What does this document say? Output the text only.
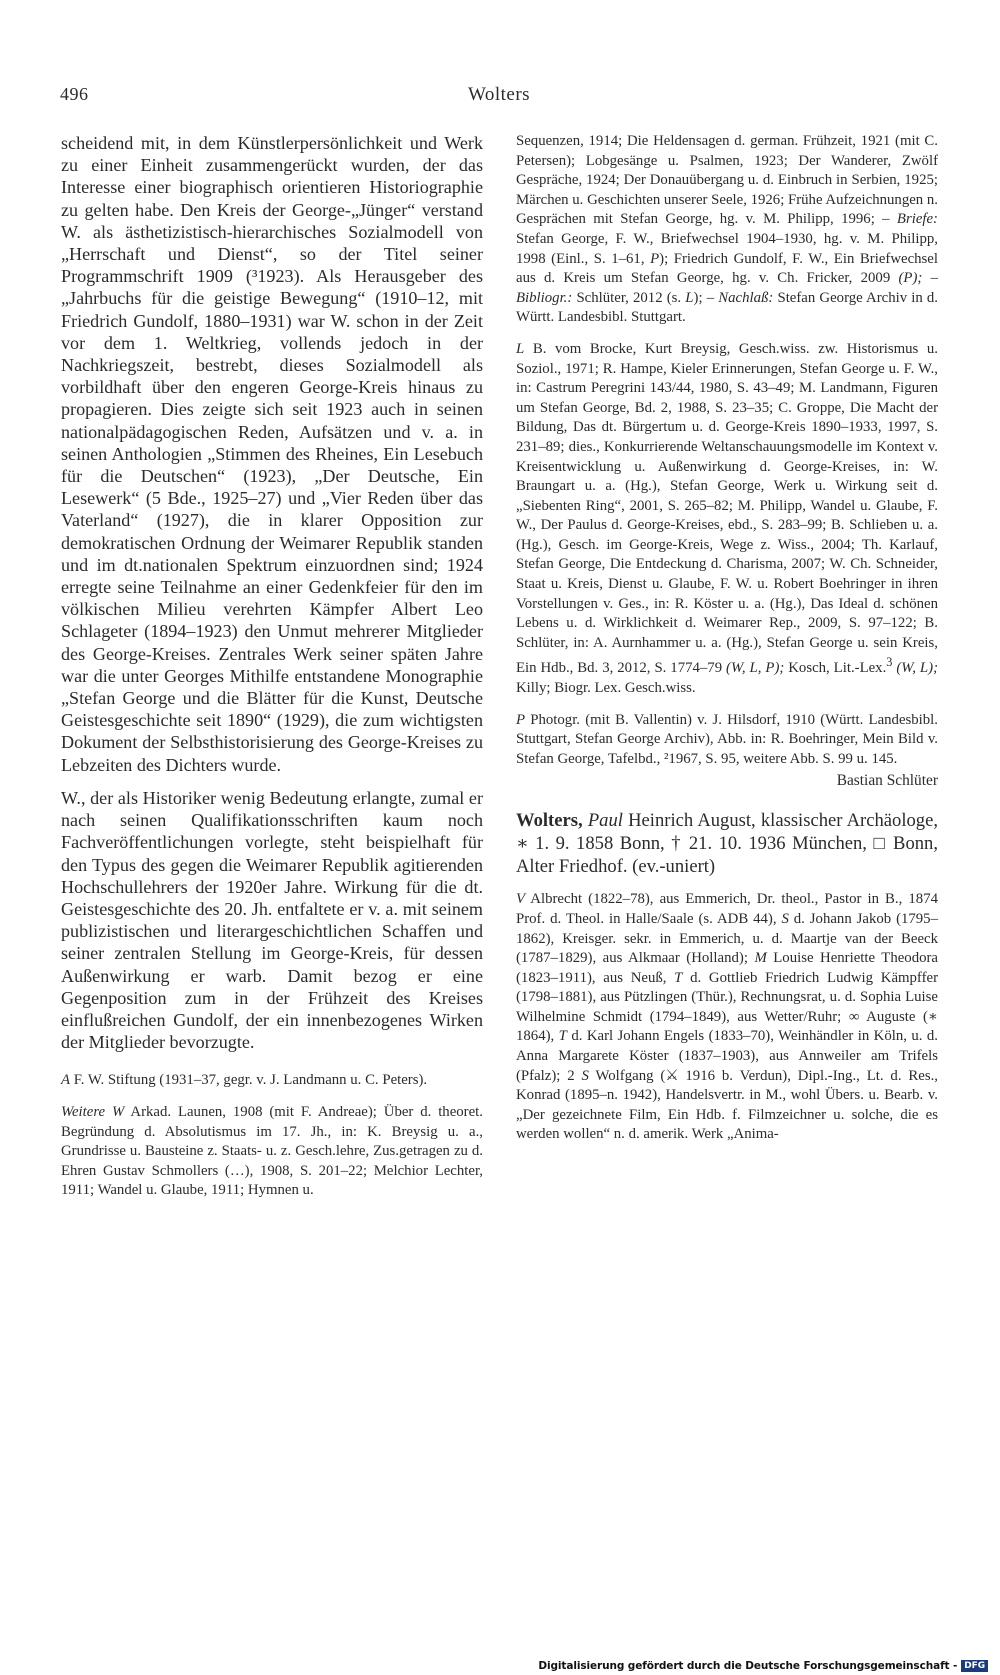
496	Wolters

scheidend mit, in dem Künstlerpersönlichkeit und Werk zu einer Einheit zusammengerückt wurden, der das Interesse einer biographisch orientieren Historiographie zu gelten habe. Den Kreis der George-„Jünger“ verstand W. als ästhetizistisch-hierarchisches Sozialmodell von „Herrschaft und Dienst“, so der Titel seiner Programmschrift 1909 (³1923). Als Herausgeber des „Jahrbuchs für die geistige Bewegung“ (1910–12, mit Friedrich Gundolf, 1880–1931) war W. schon in der Zeit vor dem 1. Weltkrieg, vollends jedoch in der Nachkriegszeit, bestrebt, dieses Sozialmodell als vorbildhaft über den engeren George-Kreis hinaus zu propagieren. Dies zeigte sich seit 1923 auch in seinen nationalpädagogischen Reden, Aufsätzen und v. a. in seinen Anthologien „Stimmen des Rheines, Ein Lesebuch für die Deutschen“ (1923), „Der Deutsche, Ein Lesewerk“ (5 Bde., 1925–27) und „Vier Reden über das Vaterland“ (1927), die in klarer Opposition zur demokratischen Ordnung der Weimarer Republik standen und im dt.nationalen Spektrum einzuordnen sind; 1924 erregte seine Teilnahme an einer Gedenkfeier für den im völkischen Milieu verehrten Kämpfer Albert Leo Schlageter (1894–1923) den Unmut mehrerer Mitglieder des George-Kreises. Zentrales Werk seiner späten Jahre war die unter Georges Mithilfe entstandene Monographie „Stefan George und die Blätter für die Kunst, Deutsche Geistesgeschichte seit 1890“ (1929), die zum wichtigsten Dokument der Selbsthistorisierung des George-Kreises zu Lebzeiten des Dichters wurde.

W., der als Historiker wenig Bedeutung erlangte, zumal er nach seinen Qualifikationsschriften kaum noch Fachveröffentlichungen vorlegte, steht beispielhaft für den Typus des gegen die Weimarer Republik agitierenden Hochschullehrers der 1920er Jahre. Wirkung für die dt. Geistesgeschichte des 20. Jh. entfaltete er v. a. mit seinem publizistischen und literargeschichtlichen Schaffen und seiner zentralen Stellung im George-Kreis, für dessen Außenwirkung er warb. Damit bezog er eine Gegenposition zum in der Frühzeit des Kreises einflußreichen Gundolf, der ein innenbezogenes Wirken der Mitglieder bevorzugte.

A F. W. Stiftung (1931–37, gegr. v. J. Landmann u. C. Peters).

Weitere W Arkad. Launen, 1908 (mit F. Andreae); Über d. theoret. Begründung d. Absolutismus im 17. Jh., in: K. Breysig u. a., Grundrisse u. Bausteine z. Staats- u. z. Gesch.lehre, Zus.getragen zu d. Ehren Gustav Schmollers (…), 1908, S. 201–22; Melchior Lechter, 1911; Wandel u. Glaube, 1911; Hymnen u.

Sequenzen, 1914; Die Heldensagen d. german. Frühzeit, 1921 (mit C. Petersen); Lobgesänge u. Psalmen, 1923; Der Wanderer, Zwölf Gespräche, 1924; Der Donauübergang u. d. Einbruch in Serbien, 1925; Märchen u. Geschichten unserer Seele, 1926; Frühe Aufzeichnungen n. Gesprächen mit Stefan George, hg. v. M. Philipp, 1996; – Briefe: Stefan George, F. W., Briefwechsel 1904–1930, hg. v. M. Philipp, 1998 (Einl., S. 1–61, P); Friedrich Gundolf, F. W., Ein Briefwechsel aus d. Kreis um Stefan George, hg. v. Ch. Fricker, 2009 (P); – Bibliogr.: Schlüter, 2012 (s. L); – Nachlaß: Stefan George Archiv in d. Württ. Landesbibl. Stuttgart.

L B. vom Brocke, Kurt Breysig, Gesch.wiss. zw. Historismus u. Soziol., 1971; R. Hampe, Kieler Erinnerungen, Stefan George u. F. W., in: Castrum Peregrini 143/44, 1980, S. 43–49; M. Landmann, Figuren um Stefan George, Bd. 2, 1988, S. 23–35; C. Groppe, Die Macht der Bildung, Das dt. Bürgertum u. d. George-Kreis 1890–1933, 1997, S. 231–89; dies., Konkurrierende Weltanschauungsmodelle im Kontext v. Kreisentwicklung u. Außenwirkung d. George-Kreises, in: W. Braungart u. a. (Hg.), Stefan George, Werk u. Wirkung seit d. „Siebenten Ring“, 2001, S. 265–82; M. Philipp, Wandel u. Glaube, F. W., Der Paulus d. George-Kreises, ebd., S. 283–99; B. Schlieben u. a. (Hg.), Gesch. im George-Kreis, Wege z. Wiss., 2004; Th. Karlauf, Stefan George, Die Entdeckung d. Charisma, 2007; W. Ch. Schneider, Staat u. Kreis, Dienst u. Glaube, F. W. u. Robert Boehringer in ihren Vorstellungen v. Ges., in: R. Köster u. a. (Hg.), Das Ideal d. schönen Lebens u. d. Wirklichkeit d. Weimarer Rep., 2009, S. 97–122; B. Schlüter, in: A. Aurnhammer u. a. (Hg.), Stefan George u. sein Kreis, Ein Hdb., Bd. 3, 2012, S. 1774–79 (W, L, P); Kosch, Lit.-Lex.$^3$ (W, L); Killy; Biogr. Lex. Gesch.wiss.

P Photogr. (mit B. Vallentin) v. J. Hilsdorf, 1910 (Württ. Landesbibl. Stuttgart, Stefan George Archiv), Abb. in: R. Boehringer, Mein Bild v. Stefan George, Tafelbd., ²1967, S. 95, weitere Abb. S. 99 u. 145.

Bastian Schlüter

Wolters, Paul Heinrich August, klassischer Archäologe, ∗ 1. 9. 1858 Bonn, † 21. 10. 1936 München, □ Bonn, Alter Friedhof. (ev.-uniert)

V Albrecht (1822–78), aus Emmerich, Dr. theol., Pastor in B., 1874 Prof. d. Theol. in Halle/Saale (s. ADB 44), S d. Johann Jakob (1795–1862), Kreisger. sekr. in Emmerich, u. d. Maartje van der Beeck (1787–1829), aus Alkmaar (Holland); M Louise Henriette Theodora (1823–1911), aus Neuß, T d. Gottlieb Friedrich Ludwig Kämpffer (1798–1881), aus Pützlingen (Thür.), Rechnungsrat, u. d. Sophia Luise Wilhelmine Schmidt (1794–1849), aus Wetter/Ruhr; ∞ Auguste (∗ 1864), T d. Karl Johann Engels (1833–70), Weinhändler in Köln, u. d. Anna Margarete Köster (1837–1903), aus Annweiler am Trifels (Pfalz); 2 S Wolfgang (⚔ 1916 b. Verdun), Dipl.-Ing., Lt. d. Res., Konrad (1895–n. 1942), Handelsvertr. in M., wohl Übers. u. Bearb. v. „Der gezeichnete Film, Ein Hdb. f. Filmzeichner u. solche, die es werden wollen“ n. d. amerik. Werk „Anima-

Digitalisierung gefördert durch die Deutsche Forschungsgemeinschaft - DFG
